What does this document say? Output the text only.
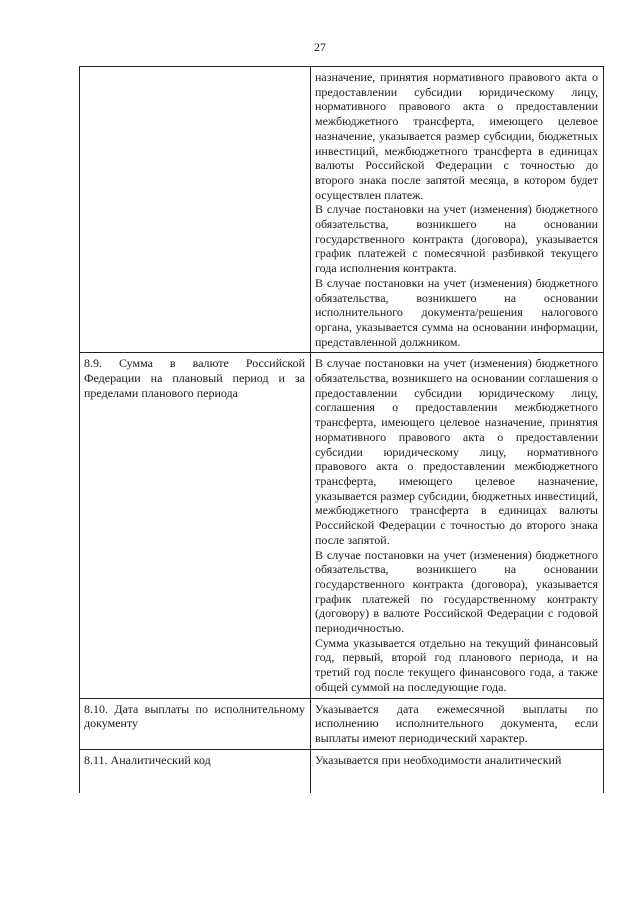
27

	назначение, принятия нормативного правового акта о предоставлении субсидии юридическому лицу, нормативного правового акта о предоставлении межбюджетного трансферта, имеющего целевое назначение, указывается размер субсидии, бюджетных инвестиций, межбюджетного трансферта в единицах валюты Российской Федерации с точностью до второго знака после запятой месяца, в котором будет осуществлен платеж.

В случае постановки на учет (изменения) бюджетного обязательства, возникшего на основании государственного контракта (договора), указывается график платежей с помесячной разбивкой текущего года исполнения контракта.

В случае постановки на учет (изменения) бюджетного обязательства, возникшего на основании исполнительного документа/решения налогового органа, указывается сумма на основании информации, представленной должником.

8.9. Сумма в валюте Российской Федерации на плановый период и за пределами планового периода	В случае постановки на учет (изменения) бюджетного обязательства, возникшего на основании соглашения о предоставлении субсидии юридическому лицу, соглашения о предоставлении межбюджетного трансферта, имеющего целевое назначение, принятия нормативного правового акта о предоставлении субсидии юридическому лицу, нормативного правового акта о предоставлении межбюджетного трансферта, имеющего целевое назначение, указывается размер субсидии, бюджетных инвестиций, межбюджетного трансферта в единицах валюты Российской Федерации с точностью до второго знака после запятой.

В случае постановки на учет (изменения) бюджетного обязательства, возникшего на основании государственного контракта (договора), указывается график платежей по государственному контракту (договору) в валюте Российской Федерации с годовой периодичностью.

Сумма указывается отдельно на текущий финансовый год, первый, второй год планового периода, и на третий год после текущего финансового года, а также общей суммой на последующие года.

8.10. Дата выплаты по исполнительному документу	Указывается дата ежемесячной выплаты по исполнению исполнительного документа, если выплаты имеют периодический характер.

8.11. Аналитический код	Указывается при необходимости аналитический
